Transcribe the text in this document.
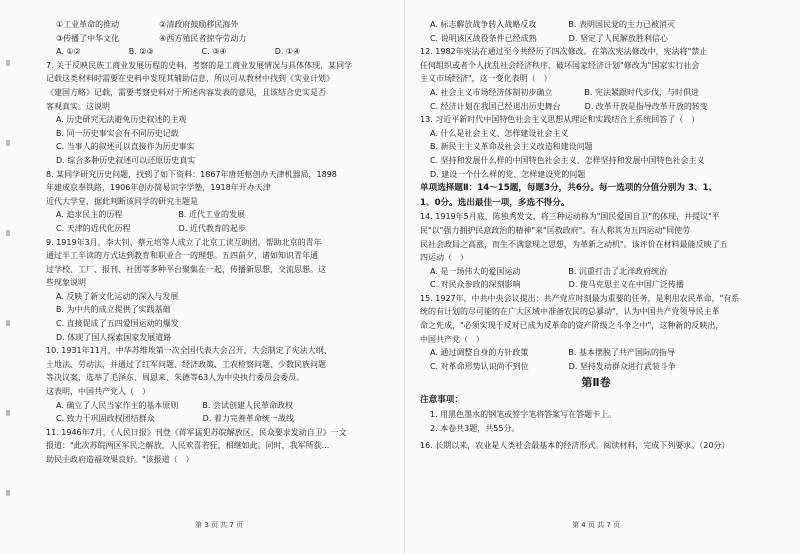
①工业革命的推动　　　　　②清政府鼓励移民海外
③传播了中华文化　　　　　④西方殖民者掠夺劳动力
A. ①②　　　　　　B. ②③　　　　　　C. ③④　　　　　　D. ①④
7. 关于反映民族工商业发展历程的史料，考察的是工商业发展情况与具体体现，某同学
记载这类材料时需要在史料中发现其辅助信息，所以可从教材中找到《实业计划》
《建国方略》记载，需要考察史料对于所述内容发表的意见，且该结合史实是否
客观真实。这说明
A. 历史研究无法避免历史叙述的主观
B. 同一历史事实会有不同历史记载
C. 当事人的叙述可以直接作为历史事实
D. 综合多种历史叙述可以还原历史真实
8. 某同学研究历史问题，找到了如下资料：1867年唐廷枢创办天津机器局，1898
年建成京奉铁路，1906年创办简易识字学塾，1918年开办天津
近代大学堂，据此判断该同学的研究主题是
A. 追求民主的历程　　　　　　　B. 近代工业的发展
C. 天津的近代化历程　　　　　　D. 近代教育的起步
9. 1919年3月，李大钊、蔡元培等人成立了北京工读互助团，帮助北京的青年
通过半工半读的方式达到教育和职业合一的理想。五四前夕，诸如知识青年通
过学校、工厂、报刊、社团等多种平台聚集在一起，传播新思想，交流思想。这
些现象说明
A. 反映了新文化运动的深入与发展
B. 为中共的成立提供了实践基础
C. 直接促成了五四爱国运动的爆发
D. 体现了国人探索国家发展道路
10. 1931年11月，中华苏维埃第一次全国代表大会召开，大会制定了宪法大纲、
土地法、劳动法，并通过了红军问题、经济政策、工农检察问题、少数民族问题
等决议案，选举了毛泽东、周恩来、朱德等63人为中央执行委员会委员。
这表明，中国共产党人（　）
A. 确立了人民当家作主的基本原则　　　B. 尝试创建人民革命政权
C. 致力于巩固政权团结群众　　　　　　D. 着力完善革命统一战线
11. 1946年7月，《人民日报》刊登《蒋军猛犯苏皖解放区，民众要求发动自卫》一文
报道："此次苏皖两区军民之解放，人民欢喜若狂，相继如此。同时，我军所获...
助民主政府造福效果良好。"该报道（　）
第 3 页 共 7 页
A. 标志解放战争转入战略反攻　　　　B. 表明国民党的主力已被消灭
C. 说明该区战役条件已经成熟　　　　D. 坚定了人民解放胜利信心
12. 1982年宪法在通过至今共经历了四次修改。在第次宪法修改中，宪法将"禁止
任何组织或者个人扰乱社会经济秩序，破坏国家经济计划"修改为"国家实行社会
主义市场经济"，这一变化表明（　）
A. 社会主义市场经济体制初步确立　　　　B. 宪法紧跟时代步伐，与时俱进
C. 经济计划在我国已经退出历史舞台　　　D. 改革开放是指导改革开放的转变
13. 习近平新时代中国特色社会主义思想从理论和实践结合上系统回答了（　）
A. 什么是社会主义、怎样建设社会主义
B. 新民主主义革命及社会主义改造和建设问题
C. 坚持和发展什么样的中国特色社会主义、怎样坚持和发展中国特色社会主义
D. 建设一个什么样的党、怎样建设党的问题
单项选择题Ⅱ：14～15题，每题3分，共6分。每一选项的分值分别为 3、1、
1、0分。选出最佳一项，多选不得分。
14. 1919年5月底，陈独秀发文，将三种运动称为"国民爱国自卫"的体现，并提议"平
民"以"强力拥护民意政治的精神"来"匡救政府"。有人称其为五四运动"同使劳
民社会政局之高涨，而生不满意现之思想，为革新之动机"。该评价在材料最能反映了五
四运动（　）
A. 是一场伟大的爱国运动　　　　　　B. 沉重打击了北洋政府统治
C. 对民众参政的深刻影响　　　　　　D. 使马克思主义在中国广泛传播
15. 1927年，中共中央会议提出：共产党应时刻最为重要的任务，是利用农民革命，"有系
统的有计划的尽可能的在广大区域中准备农民的总暴动"，认为中国共产党领导民主革
命之先成，"必须实现于反对已成为反革命的资产阶级之斗争之中"，这种新的反映出，
中国共产党（　）
A. 通过调整自身的方针政策　　　　　B. 基本摆脱了共产国际的指导
C. 对革命形势认识尚不到位　　　　　D. 坚持发动群众进行武装斗争
第Ⅱ卷
注意事项：
1. 用黑色墨水的钢笔或签字笔将答案写在答题卡上。
2. 本卷共3题，共55分。
16. 长期以来，农业是人类社会最基本的经济形式。阅读材料，完成下列要求。（20分）
第 4 页 共 7 页
